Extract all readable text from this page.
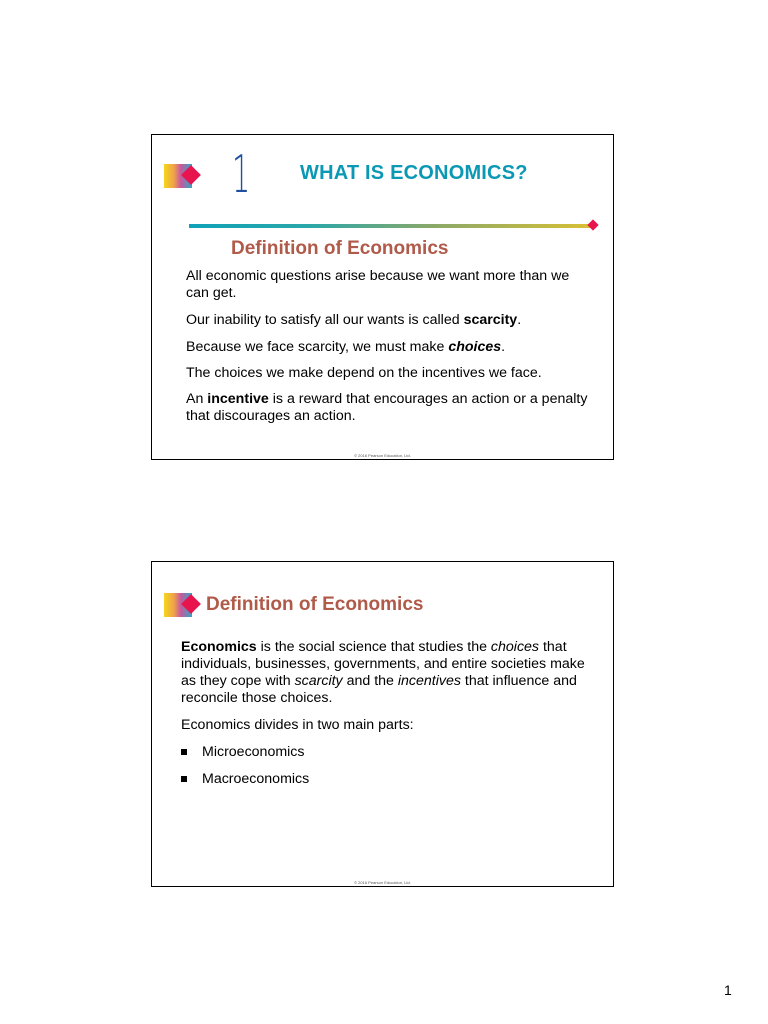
1 WHAT IS ECONOMICS?
Definition of Economics

All economic questions arise because we want more than we can get.

Our inability to satisfy all our wants is called scarcity.

Because we face scarcity, we must make choices.

The choices we make depend on the incentives we face.

An incentive is a reward that encourages an action or a penalty that discourages an action.

© 2016 Pearson Education, Ltd.
Definition of Economics

Economics is the social science that studies the choices that individuals, businesses, governments, and entire societies make as they cope with scarcity and the incentives that influence and reconcile those choices.

Economics divides in two main parts:

Microeconomics
Macroeconomics
© 2016 Pearson Education, Ltd.
1
